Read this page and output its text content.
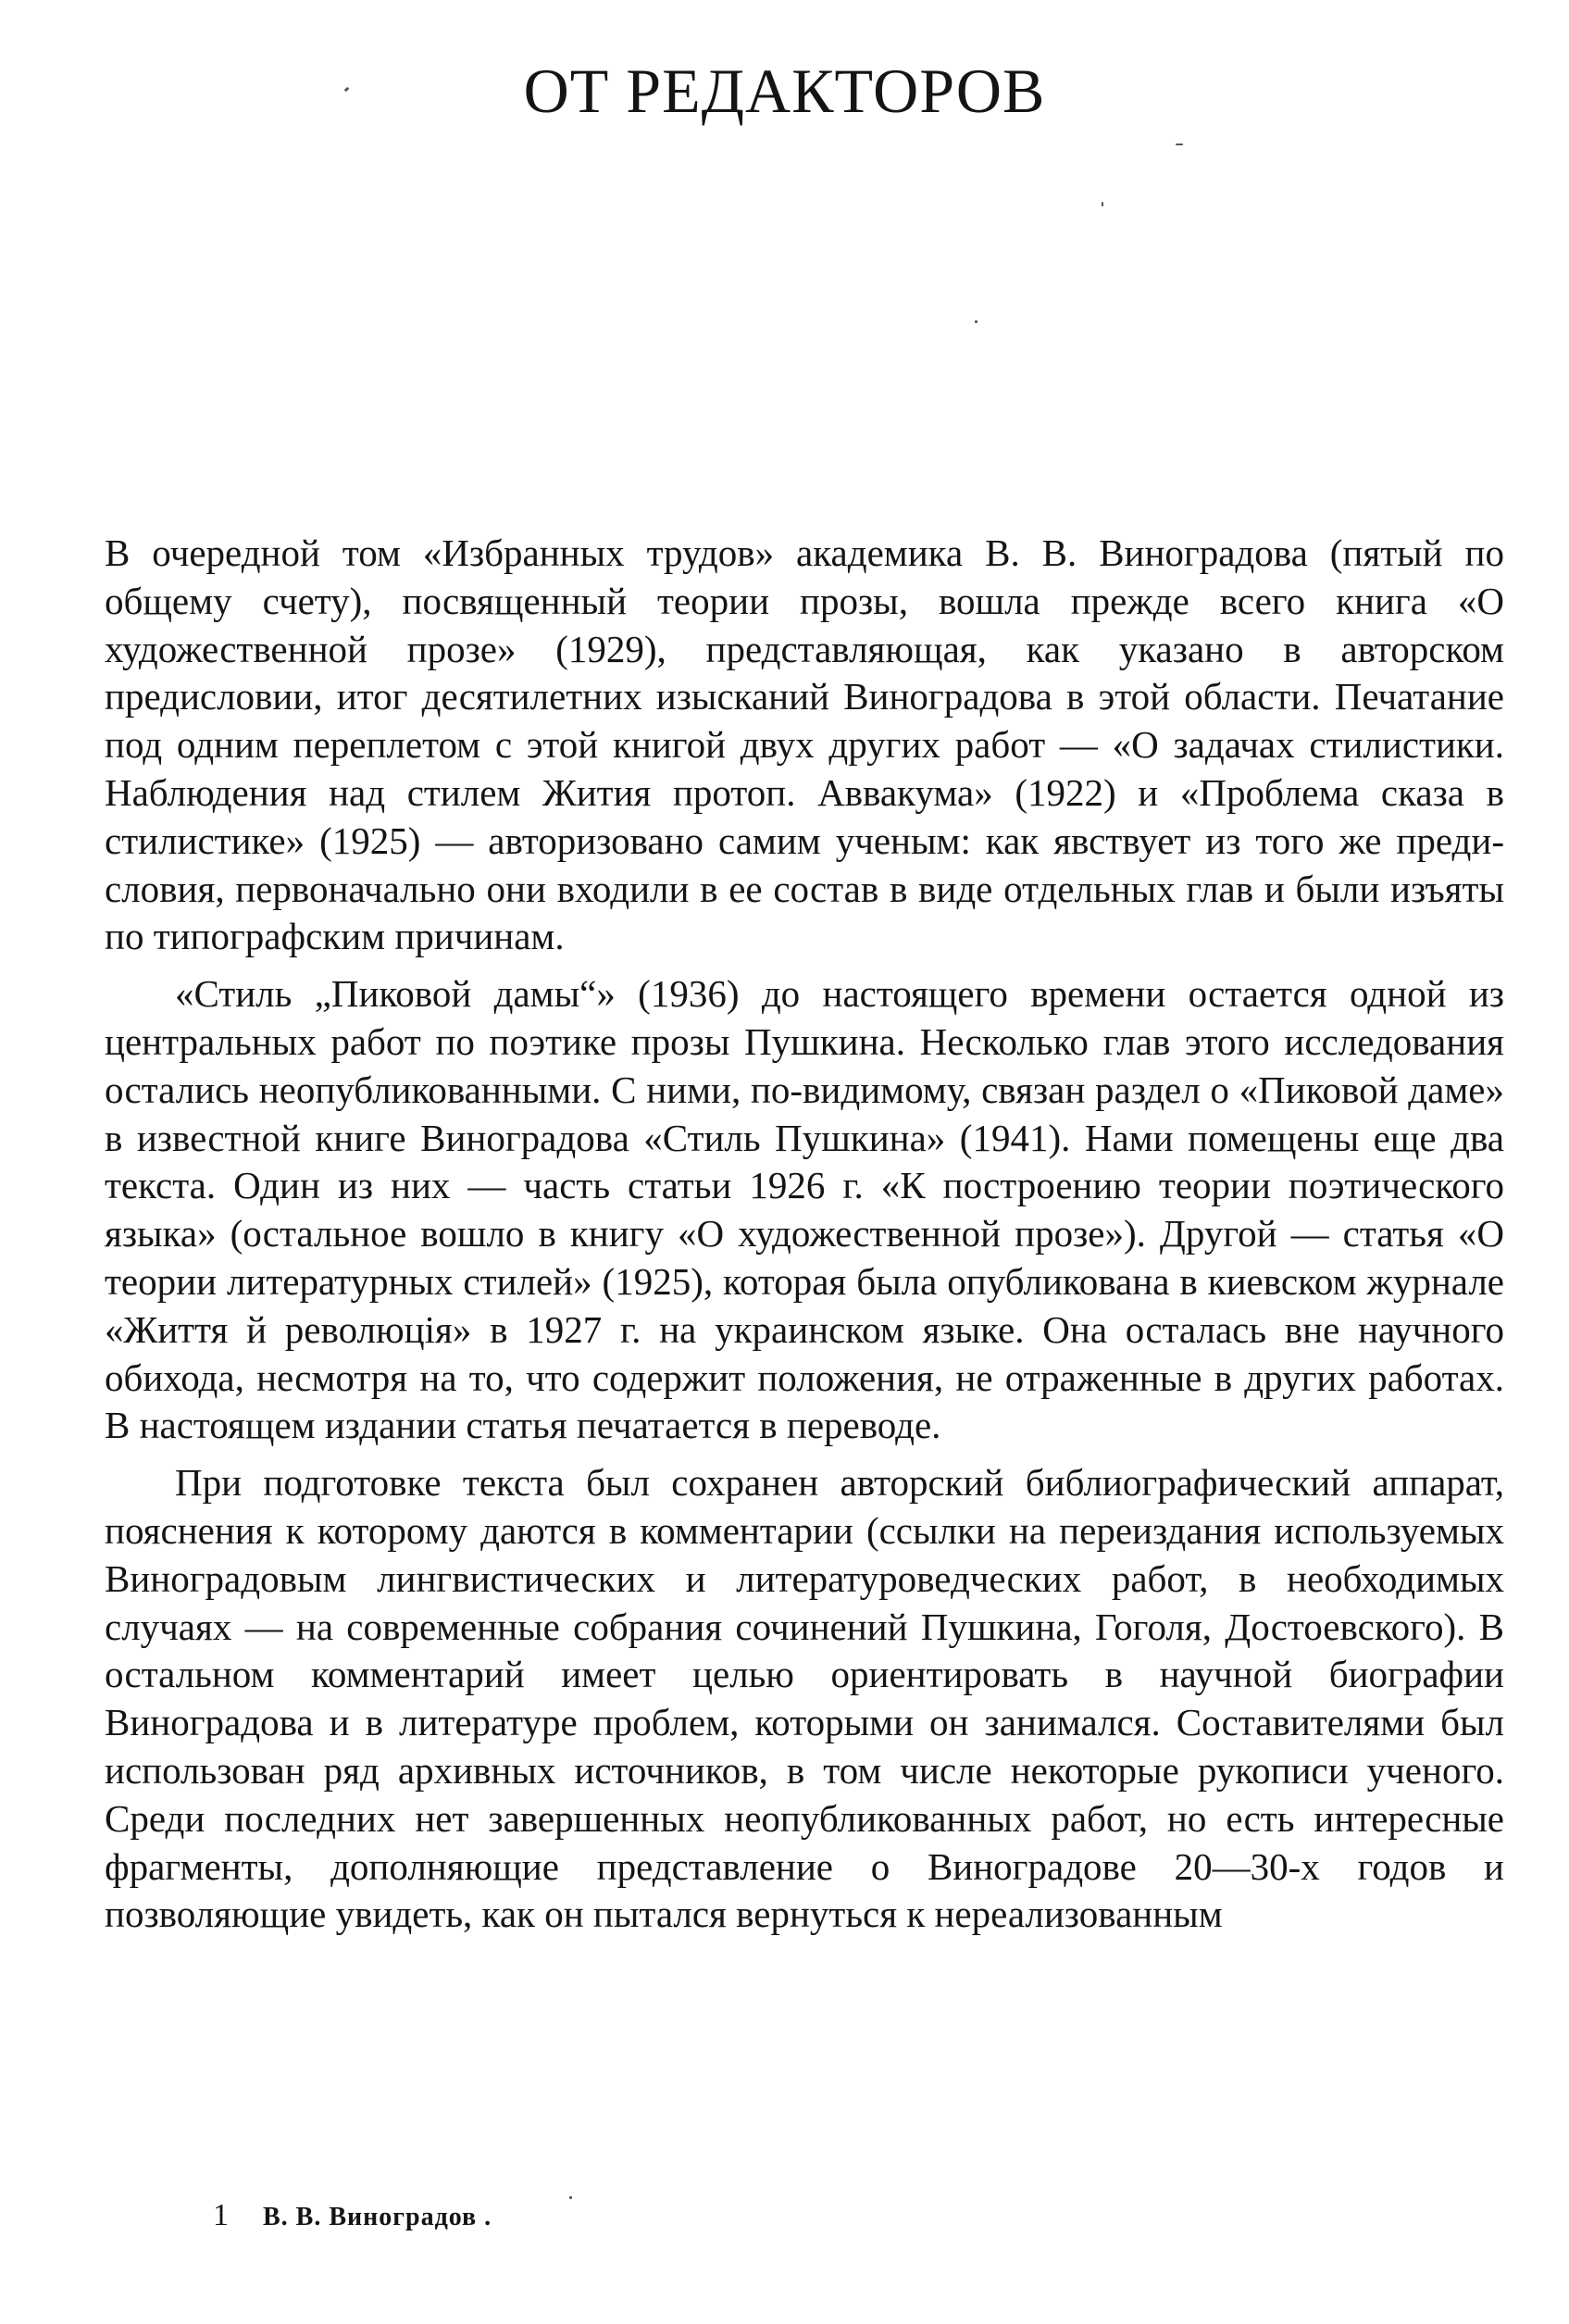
ОТ РЕДАКТОРОВ

В очередной том «Избранных трудов» академика В. В. Виноградова (пятый по общему счету), посвященный теории прозы, вошла прежде всего книга «О художественной прозе» (1929), представляющая, как указано в авторском предисловии, итог десятилетних изысканий Виноградова в этой области. Печатание под одним переплетом с этой книгой двух других работ — «О задачах стилистики. Наблюдения над стилем Жития протоп. Аввакума» (1922) и «Проблема сказа в стилистике» (1925) — авторизовано самим ученым: как явствует из того же предисловия, первоначально они входили в ее состав в виде отдельных глав и были изъяты по типографским причинам.

«Стиль „Пиковой дамы“» (1936) до настоящего времени остается одной из центральных работ по поэтике прозы Пушкина. Несколько глав этого исследования остались неопубликованными. С ними, по-видимому, связан раздел о «Пиковой даме» в известной книге Виноградова «Стиль Пушкина» (1941). Нами помещены еще два текста. Один из них — часть статьи 1926 г. «К построению теории поэтического языка» (остальное вошло в книгу «О художественной прозе»). Другой — статья «О теории литературных стилей» (1925), которая была опубликована в киевском журнале «Життя й революцiя» в 1927 г. на украинском языке. Она осталась вне научного обихода, несмотря на то, что содержит положения, не отраженные в других работах. В настоящем издании статья печатается в переводе.

При подготовке текста был сохранен авторский библиографический аппарат, пояснения к которому даются в комментарии (ссылки на переиздания используемых Виноградовым лингвистических и литературоведческих работ, в необходимых случаях — на современные собрания сочинений Пушкина, Гоголя, Достоевского). В остальном комментарий имеет целью ориентировать в научной биографии Виноградова и в литературе проблем, которыми он занимался. Составителями был использован ряд архивных источников, в том числе некоторые рукописи ученого. Среди последних нет завершенных неопубликованных работ, но есть интересные фрагменты, дополняющие представление о Виноградове 20—30-х годов и позволяющие увидеть, как он пытался вернуться к нереализованным

1 В. В. Виноградов .
